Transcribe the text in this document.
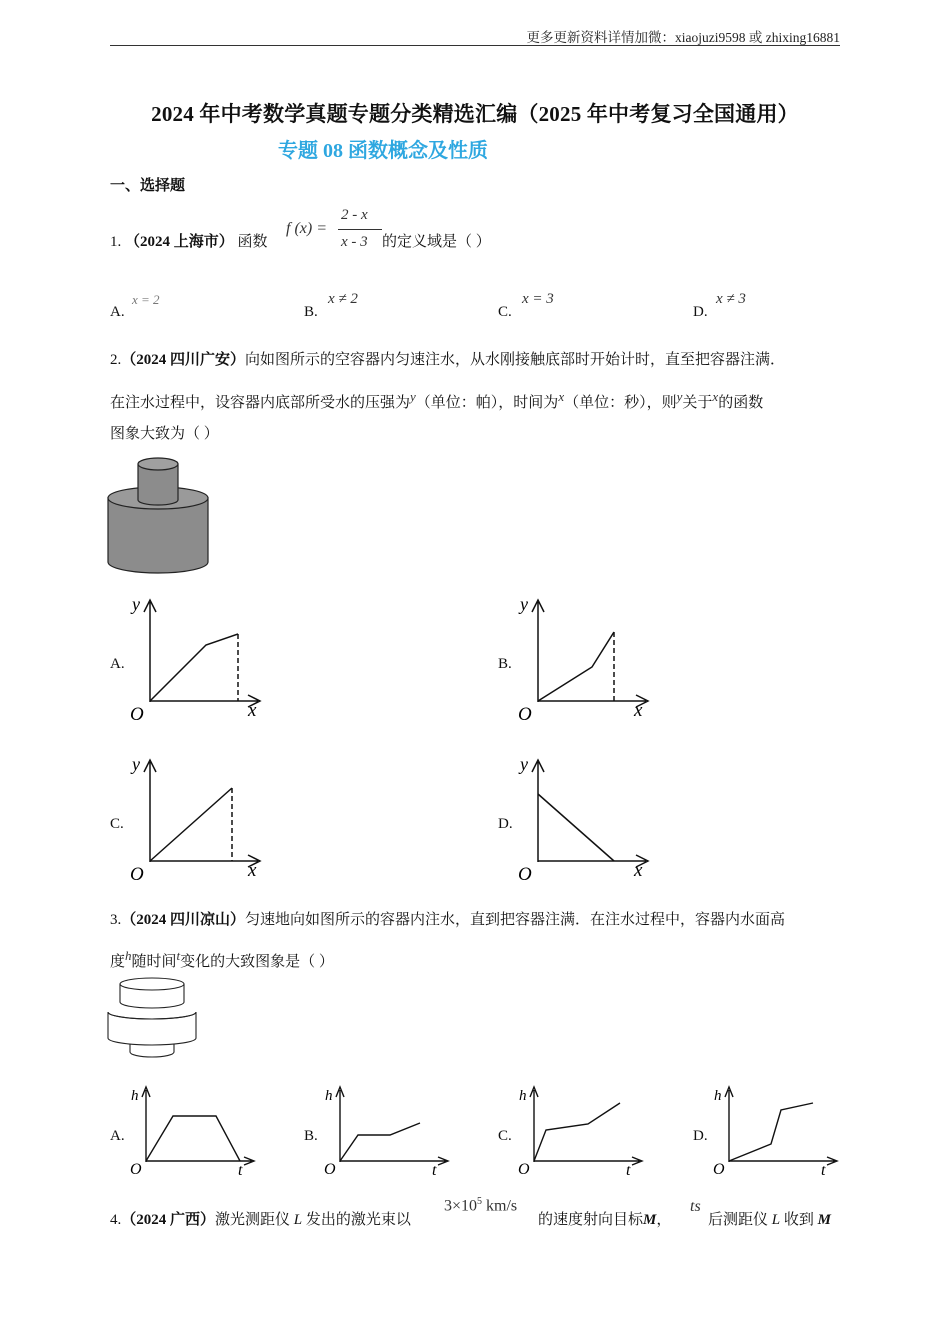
更多更新资料详情加微：xiaojuzi9598 或 zhixing16881
2024 年中考数学真题专题分类精选汇编（2025 年中考复习全国通用）
专题 08 函数概念及性质
一、选择题
1. （2024 上海市） 函数
f (x) =
2 - x
x - 3 的定义域是（ ）
A.
x = 2
B.
x ≠ 2
C.
x = 3
D.
x ≠ 3
2.（2024 四川广安）向如图所示的空容器内匀速注水，从水刚接触底部时开始计时，直至把容器注满．
在注水过程中，设容器内底部所受水的压强为$^y$（单位：帕），时间为$^x$（单位：秒），则$^y$关于$^x$的函数
图象大致为（ ）
A.	B.
C.	D.
y
x
O
y
x
O
y
x
O
y
x
O
3.（2024 四川凉山）匀速地向如图所示的容器内注水，直到把容器注满．在注水过程中，容器内水面高
度$^h$随时间$^t$变化的大致图象是（ ）
A.	B.	C.	D.
h
t
O
h
t
O
h
t
O
h
t
O
4.（2024 广西）激光测距仪 L 发出的激光束以
$3\times 10^5$ km/s
的速度射向目标M，
ts
后测距仪 L 收到 M
